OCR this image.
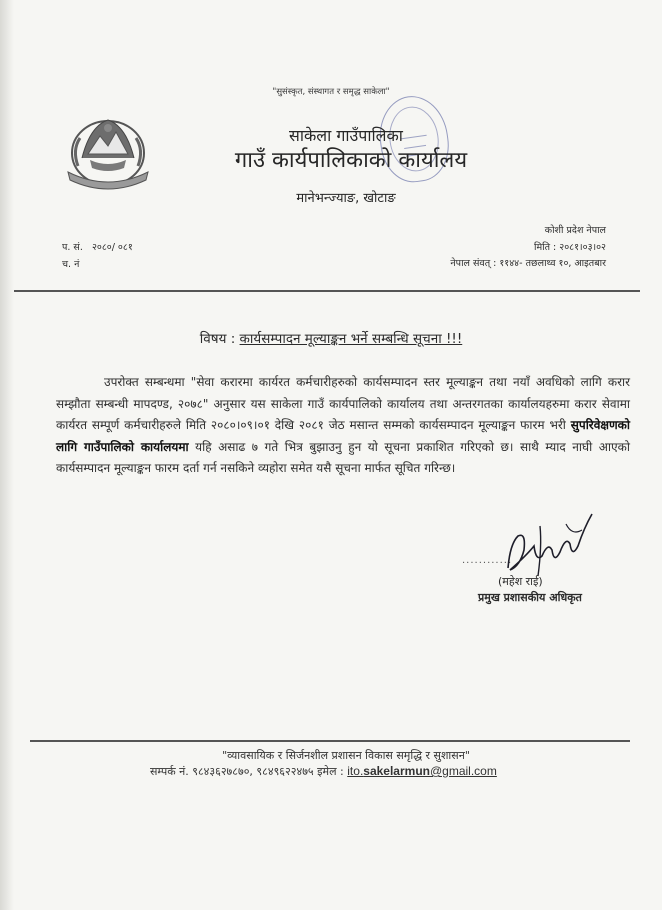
"सुसंस्कृत, संस्थागत र समृद्ध साकेला"
साकेला गाउँपालिका
गाउँ कार्यपालिकाको कार्यालय
मानेभन्ज्याङ, खोटाङ
प. सं. २०८०/ ०८१
च. नं
कोशी प्रदेश नेपाल
मिति : २०८१।०३।०२
नेपाल संवत् : ११४४- तछलाथ्व १०, आइतबार
विषय : कार्यसम्पादन मूल्याङ्कन भर्ने सम्बन्धि सूचना !!!

उपरोक्त सम्बन्धमा "सेवा करारमा कार्यरत कर्मचारीहरुको कार्यसम्पादन स्तर मूल्याङ्कन तथा नयाँ अवधिको लागि करार सम्झौता सम्बन्धी मापदण्ड, २०७८" अनुसार यस साकेला गाउँ कार्यपालिको कार्यालय तथा अन्तरगतका कार्यालयहरुमा करार सेवामा कार्यरत सम्पूर्ण कर्मचारीहरुले मिति २०८०।०९।०१ देखि २०८१ जेठ मसान्त सम्मको कार्यसम्पादन मूल्याङ्कन फारम भरी सुपरिवेक्षणको लागि गाउँपालिको कार्यालयमा यहि असाढ ७ गते भित्र बुझाउनु हुन यो सूचना प्रकाशित गरिएको छ। साथै म्याद नाघी आएको कार्यसम्पादन मूल्याङ्कन फारम दर्ता गर्न नसकिने व्यहोरा समेत यसै सूचना मार्फत सूचित गरिन्छ।

............
(महेश राई)
प्रमुख प्रशासकीय अधिकृत
"व्यावसायिक र सिर्जनशील प्रशासन विकास समृद्धि र सुशासन"
सम्पर्क नं. ९८४३६२७८७०, ९८४९६२२४७५ इमेल : ito.sakelarmun@gmail.com
